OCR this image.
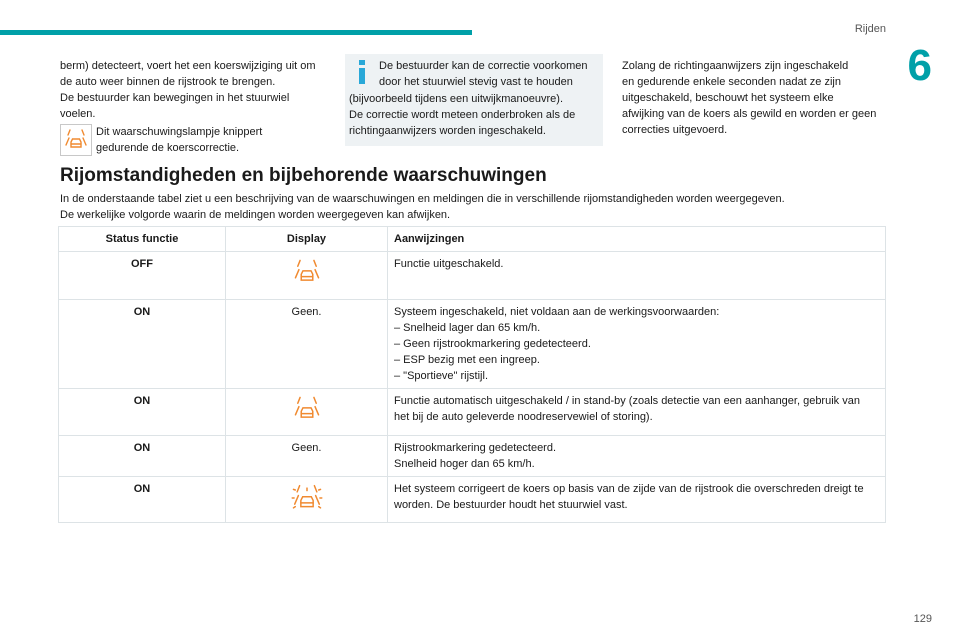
Rijden
6
berm) detecteert, voert het een koerswijziging uit om
de auto weer binnen de rijstrook te brengen.
De bestuurder kan bewegingen in het stuurwiel
voelen.
Dit waarschuwingslampje knippert
gedurende de koerscorrectie.
De bestuurder kan de correctie voorkomen
door het stuurwiel stevig vast te houden
(bijvoorbeeld tijdens een uitwijkmanoeuvre).
De correctie wordt meteen onderbroken als de
richtingaanwijzers worden ingeschakeld.
Zolang de richtingaanwijzers zijn ingeschakeld
en gedurende enkele seconden nadat ze zijn
uitgeschakeld, beschouwt het systeem elke
afwijking van de koers als gewild en worden er geen
correcties uitgevoerd.
Rijomstandigheden en bijbehorende waarschuwingen
In de onderstaande tabel ziet u een beschrijving van de waarschuwingen en meldingen die in verschillende rijomstandigheden worden weergegeven.
De werkelijke volgorde waarin de meldingen worden weergegeven kan afwijken.
Status functie	Display	Aanwijzingen
OFF		Functie uitgeschakeld.

ON	Geen.	Systeem ingeschakeld, niet voldaan aan de werkingsvoorwaarden:
– Snelheid lager dan 65 km/h.
– Geen rijstrookmarkering gedetecteerd.
– ESP bezig met een ingreep.
– "Sportieve" rijstijl.

ON		Functie automatisch uitgeschakeld / in stand-by (zoals detectie van een aanhanger, gebruik van
het bij de auto geleverde noodreservewiel of storing).

ON	Geen.	Rijstrookmarkering gedetecteerd.
Snelheid hoger dan 65 km/h.

ON		Het systeem corrigeert de koers op basis van de zijde van de rijstrook die overschreden dreigt te
worden. De bestuurder houdt het stuurwiel vast.
129
